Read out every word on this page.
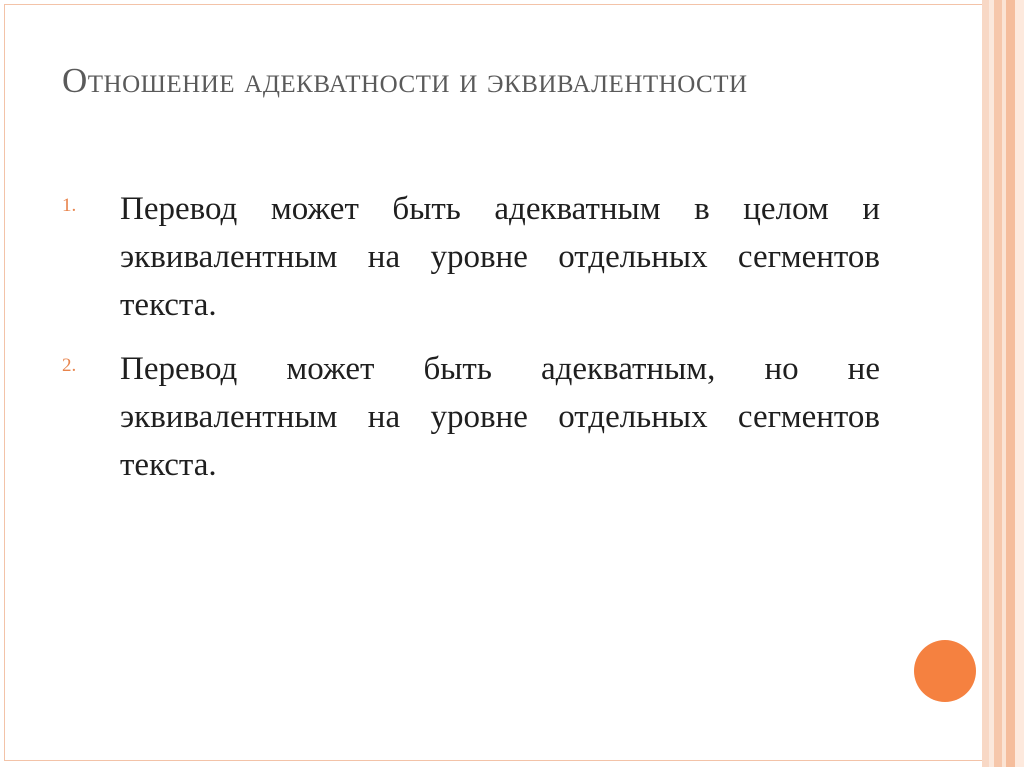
Отношение адекватности и эквивалентности
1. Перевод может быть адекватным в целом и эквивалентным на уровне отдельных сегментов текста.
2. Перевод может быть адекватным, но не эквивалентным на уровне отдельных сегментов текста.
